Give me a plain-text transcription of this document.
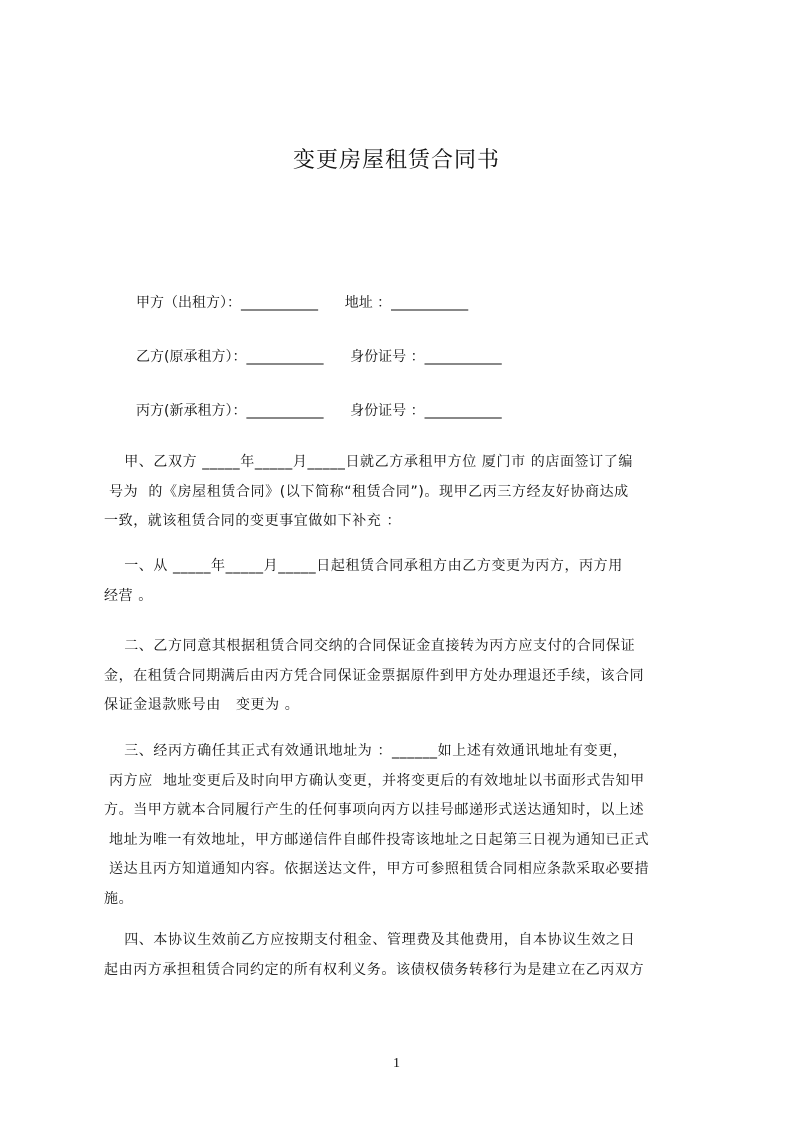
变更房屋租赁合同书
甲方（出租方）：___________      地址 ：___________
乙方(原承租方）：___________      身份证号 ：___________
丙方(新承租方）：___________      身份证号 ：___________
甲、乙双方 _____年_____月_____日就乙方承租甲方位 厦门市 的店面签订了编
号为  的《房屋租赁合同》(以下简称“租赁合同”)。现甲乙丙三方经友好协商达成
一致，就该租赁合同的变更事宜做如下补充 ：
一、从 _____年_____月_____日起租赁合同承租方由乙方变更为丙方，丙方用
经营 。
二、乙方同意其根据租赁合同交纳的合同保证金直接转为丙方应支付的合同保证
金，在租赁合同期满后由丙方凭合同保证金票据原件到甲方处办理退还手续，该合同
保证金退款账号由   变更为 。
三、经丙方确任其正式有效通讯地址为 ：______如上述有效通讯地址有变更，
丙方应  地址变更后及时向甲方确认变更，并将变更后的有效地址以书面形式告知甲
方。当甲方就本合同履行产生的任何事项向丙方以挂号邮递形式送达通知时，以上述
地址为唯一有效地址，甲方邮递信件自邮件投寄该地址之日起第三日视为通知已正式
送达且丙方知道通知内容。依据送达文件，甲方可参照租赁合同相应条款采取必要措
施。
四、本协议生效前乙方应按期支付租金、管理费及其他费用，自本协议生效之日
起由丙方承担租赁合同约定的所有权利义务。该债权债务转移行为是建立在乙丙双方
1
